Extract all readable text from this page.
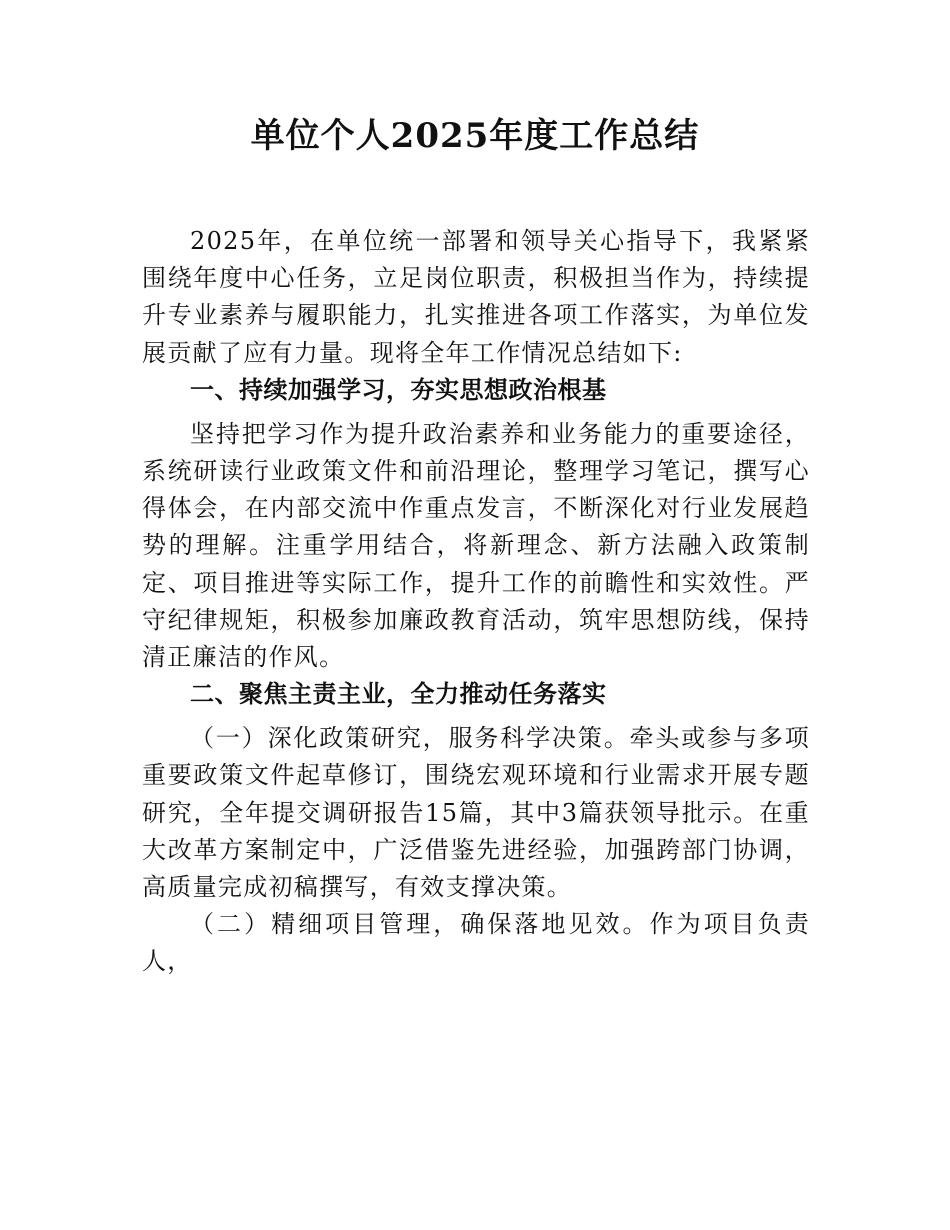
单位个人2025年度工作总结

2025年，在单位统一部署和领导关心指导下，我紧紧围绕年度中心任务，立足岗位职责，积极担当作为，持续提升专业素养与履职能力，扎实推进各项工作落实，为单位发展贡献了应有力量。现将全年工作情况总结如下:

一、持续加强学习，夯实思想政治根基

坚持把学习作为提升政治素养和业务能力的重要途径，系统研读行业政策文件和前沿理论，整理学习笔记，撰写心得体会，在内部交流中作重点发言，不断深化对行业发展趋势的理解。注重学用结合，将新理念、新方法融入政策制定、项目推进等实际工作，提升工作的前瞻性和实效性。严守纪律规矩，积极参加廉政教育活动，筑牢思想防线，保持清正廉洁的作风。

二、聚焦主责主业，全力推动任务落实

（一）深化政策研究，服务科学决策。牵头或参与多项重要政策文件起草修订，围绕宏观环境和行业需求开展专题研究，全年提交调研报告15篇，其中3篇获领导批示。在重大改革方案制定中，广泛借鉴先进经验，加强跨部门协调，高质量完成初稿撰写，有效支撑决策。

（二）精细项目管理，确保落地见效。作为项目负责人，
